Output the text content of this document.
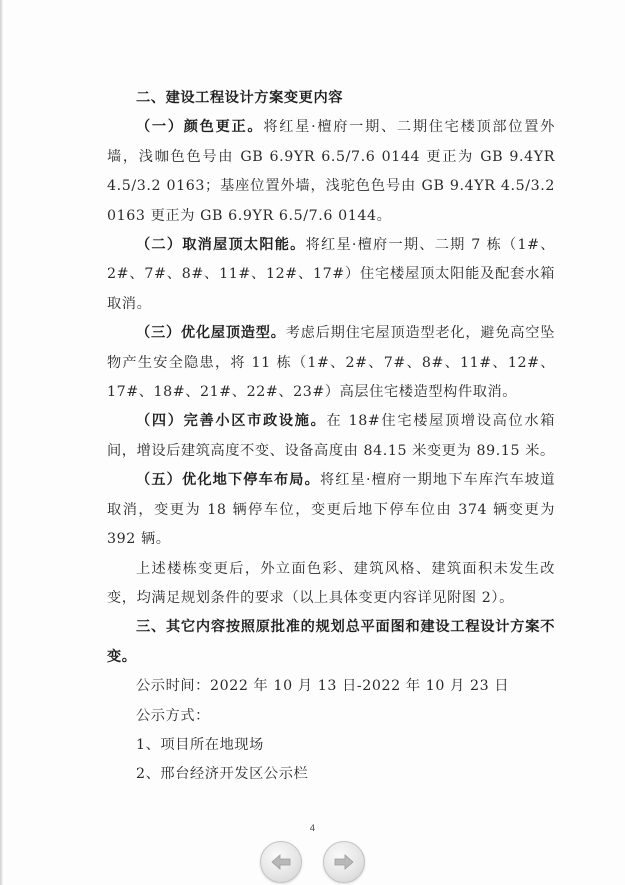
二、建设工程设计方案变更内容

（一）颜色更正。将红星·檀府一期、二期住宅楼顶部位置外墙，浅咖色色号由 GB 6.9YR 6.5/7.6 0144 更正为 GB 9.4YR 4.5/3.2 0163；基座位置外墙，浅驼色色号由 GB 9.4YR 4.5/3.2 0163 更正为 GB 6.9YR 6.5/7.6 0144。

（二）取消屋顶太阳能。将红星·檀府一期、二期 7 栋（1#、2#、7#、8#、11#、12#、17#）住宅楼屋顶太阳能及配套水箱取消。

（三）优化屋顶造型。考虑后期住宅屋顶造型老化，避免高空坠物产生安全隐患，将 11 栋（1#、2#、7#、8#、11#、12#、17#、18#、21#、22#、23#）高层住宅楼造型构件取消。

（四）完善小区市政设施。在 18#住宅楼屋顶增设高位水箱间，增设后建筑高度不变、设备高度由 84.15 米变更为 89.15 米。

（五）优化地下停车布局。将红星·檀府一期地下车库汽车坡道取消，变更为 18 辆停车位，变更后地下停车位由 374 辆变更为 392 辆。

上述楼栋变更后，外立面色彩、建筑风格、建筑面积未发生改变，均满足规划条件的要求（以上具体变更内容详见附图 2）。

三、其它内容按照原批准的规划总平面图和建设工程设计方案不变。

公示时间：2022 年 10 月 13 日-2022 年 10 月 23 日

公示方式：

1、项目所在地现场

2、邢台经济开发区公示栏

4
